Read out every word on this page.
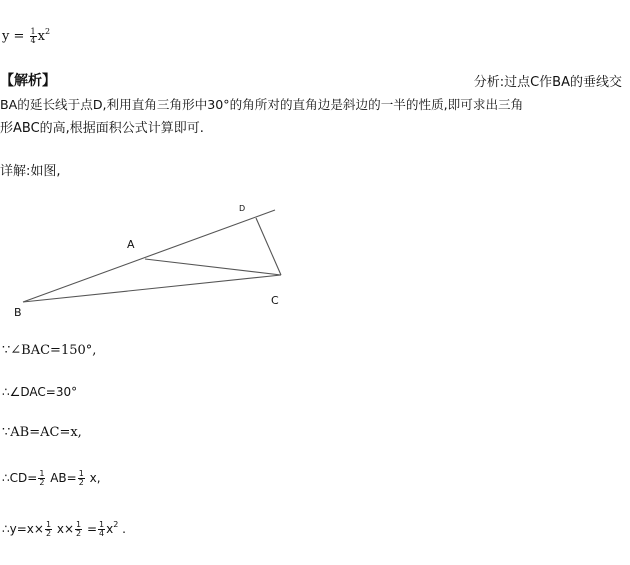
$y = \frac{1}{4} x^2$
【解析】	分析:过点C作BA的垂线交
BA的延长线于点D,利用直角三角形中30°的角所对的直角边是斜边的一半的性质,即可求出三角
形ABC的高,根据面积公式计算即可.
详解:如图,
A
B
C
D
∵∠BAC=150°,
∴∠DAC=30°
∵AB=AC=x,
∴CD= $\frac{1}{2} AB= \frac{1}{2} x$,
∴y=x× $\frac{1}{2} x\times \frac{1}{2} = \frac{1}{4} x^2$ .
